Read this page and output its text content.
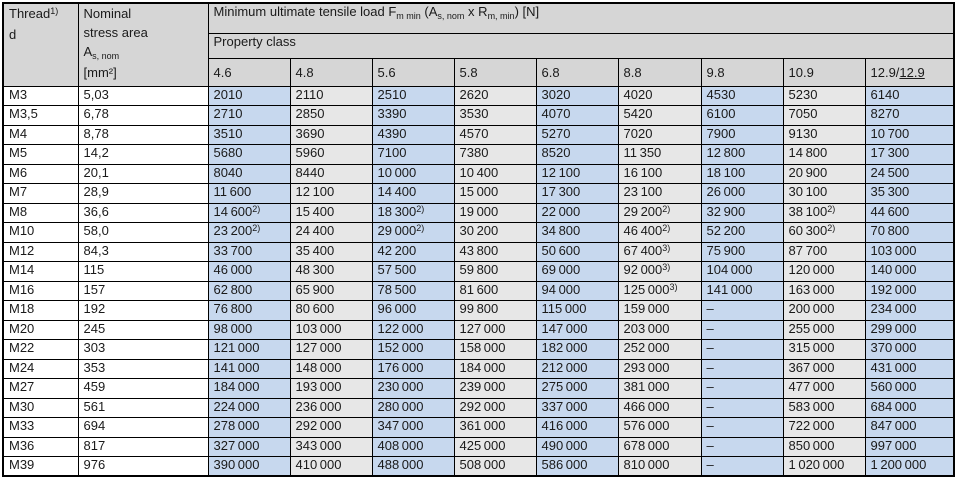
Thread$^{1)}$
d

Nominal
stress area
$A_{s, nom}$
[mm²]
	Minimum ultimate tensile load $F_{m min}$ ($A_{s, nom}$ x $R_{m, min}$) [N]
		Property class								
		4.6	4.8	5.6	5.8	6.8	8.8	9.8	10.9	12.9/12.9
M3	5,03	2010	2110	2510	2620	3020	4020	4530	5230	6140
M3,5	6,78	2710	2850	3390	3530	4070	5420	6100	7050	8270
M4	8,78	3510	3690	4390	4570	5270	7020	7900	9130	10 700
M5	14,2	5680	5960	7100	7380	8520	11 350	12 800	14 800	17 300
M6	20,1	8040	8440	10 000	10 400	12 100	16 100	18 100	20 900	24 500
M7	28,9	11 600	12 100	14 400	15 000	17 300	23 100	26 000	30 100	35 300
M8	36,6	14 600$^{2)}$	15 400	18 300$^{2)}$	19 000	22 000	29 200$^{2)}$	32 900	38 100$^{2)}$	44 600
M10	58,0	23 200$^{2)}$	24 400	29 000$^{2)}$	30 200	34 800	46 400$^{2)}$	52 200	60 300$^{2)}$	70 800
M12	84,3	33 700	35 400	42 200	43 800	50 600	67 400$^{3)}$	75 900	87 700	103 000
M14	115	46 000	48 300	57 500	59 800	69 000	92 000$^{3)}$	104 000	120 000	140 000
M16	157	62 800	65 900	78 500	81 600	94 000	125 000$^{3)}$	141 000	163 000	192 000
M18	192	76 800	80 600	96 000	99 800	115 000	159 000	–	200 000	234 000
M20	245	98 000	103 000	122 000	127 000	147 000	203 000	–	255 000	299 000
M22	303	121 000	127 000	152 000	158 000	182 000	252 000	–	315 000	370 000
M24	353	141 000	148 000	176 000	184 000	212 000	293 000	–	367 000	431 000
M27	459	184 000	193 000	230 000	239 000	275 000	381 000	–	477 000	560 000
M30	561	224 000	236 000	280 000	292 000	337 000	466 000	–	583 000	684 000
M33	694	278 000	292 000	347 000	361 000	416 000	576 000	–	722 000	847 000
M36	817	327 000	343 000	408 000	425 000	490 000	678 000	–	850 000	997 000
M39	976	390 000	410 000	488 000	508 000	586 000	810 000	–	1 020 000	1 200 000
